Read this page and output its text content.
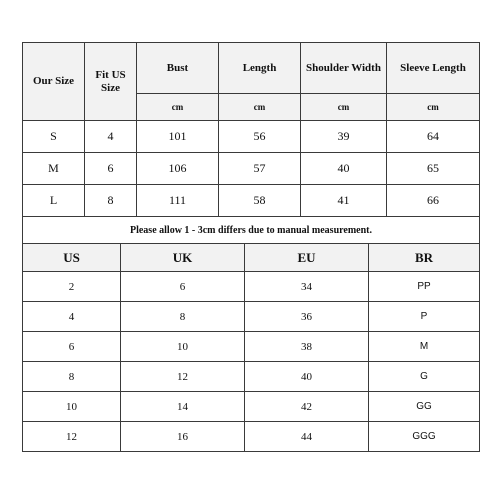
Our Size	Fit US Size	Bust	Length	Shoulder Width	Sleeve Length
		cm	cm	cm	cm
S	4	101	56	39	64
M	6	106	57	40	65
L	8	111	58	41	66
Please allow 1 - 3cm differs due to manual measurement.					
US	UK	EU	BR
2	6	34	PP
4	8	36	P
6	10	38	M
8	12	40	G
10	14	42	GG
12	16	44	GGG
